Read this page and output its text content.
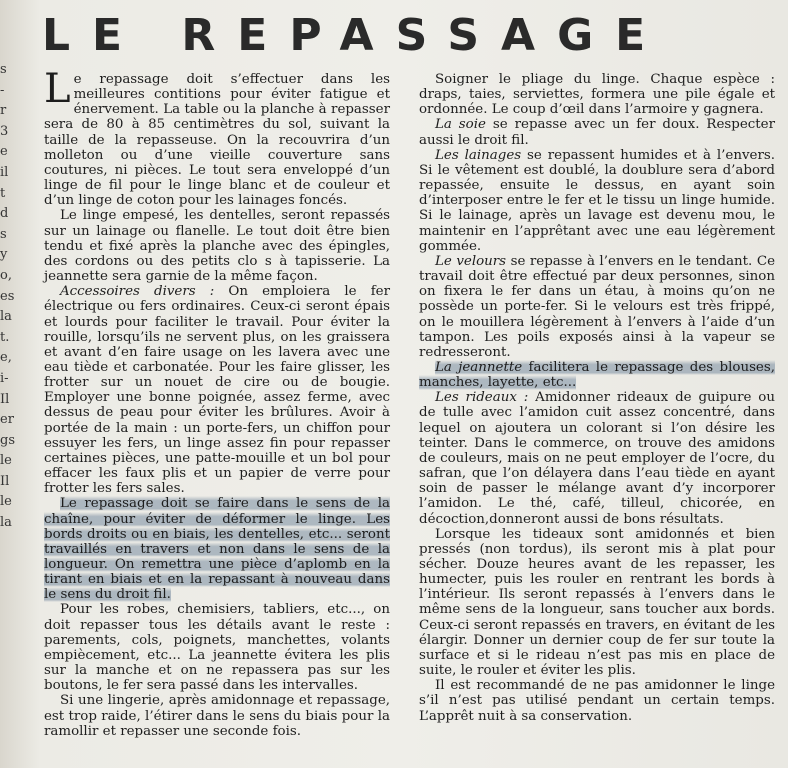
s
-
r
3
e
il
t
d
s
y
o,
es
la
t.
e,
i-
Il
er
gs
le
Il
le
la
LE REPASSAGE

Le repassage doit s’effectuer dans les meilleures contitions pour éviter fatigue et énervement. La table ou la planche à repasser sera de 80 à 85 centimètres du sol, suivant la taille de la repasseuse. On la recouvrira d’un molleton ou d’une vieille couverture sans coutures, ni pièces. Le tout sera enveloppé d’un linge de fil pour le linge blanc et de couleur et d’un linge de coton pour les lainages foncés.

Le linge empesé, les dentelles, seront repassés sur un lainage ou flanelle. Le tout doit être bien tendu et fixé après la planche avec des épingles, des cordons ou des petits clo s à tapisserie. La jeannette sera garnie de la même façon.

Accessoires divers : On emploiera le fer électrique ou fers ordinaires. Ceux-ci seront épais et lourds pour faciliter le travail. Pour éviter la rouille, lorsqu’ils ne servent plus, on les graissera et avant d’en faire usage on les lavera avec une eau tiède et carbonatée. Pour les faire glisser, les frotter sur un nouet de cire ou de bougie. Employer une bonne poignée, assez ferme, avec dessus de peau pour éviter les brûlures. Avoir à portée de la main : un porte-fers, un chiffon pour essuyer les fers, un linge assez fin pour repasser certaines pièces, une patte-mouille et un bol pour effacer les faux plis et un papier de verre pour frotter les fers sales.

Le repassage doit se faire dans le sens de la chaîne, pour éviter de déformer le linge. Les bords droits ou en biais, les dentelles, etc... seront travaillés en travers et non dans le sens de la longueur. On remettra une pièce d’aplomb en la tirant en biais et en la repassant à nouveau dans le sens du droit fil.

Pour les robes, chemisiers, tabliers, etc..., on doit repasser tous les détails avant le reste : parements, cols, poignets, manchettes, volants empiècement, etc... La jeannette évitera les plis sur la manche et on ne repassera pas sur les boutons, le fer sera passé dans les intervalles.

Si une lingerie, après amidonnage et repassage, est trop raide, l’étirer dans le sens du biais pour la ramollir et repasser une seconde fois.

Soigner le pliage du linge. Chaque espèce : draps, taies, serviettes, formera une pile égale et ordonnée. Le coup d’œil dans l’armoire y gagnera.

La soie se repasse avec un fer doux. Respecter aussi le droit fil.

Les lainages se repassent humides et à l’envers. Si le vêtement est doublé, la doublure sera d’abord repassée, ensuite le dessus, en ayant soin d’interposer entre le fer et le tissu un linge humide. Si le lainage, après un lavage est devenu mou, le maintenir en l’apprêtant avec une eau légèrement gommée.

Le velours se repasse à l’envers en le tendant. Ce travail doit être effectué par deux personnes, sinon on fixera le fer dans un étau, à moins qu’on ne possède un porte-fer. Si le velours est très frippé, on le mouillera légèrement à l’envers à l’aide d’un tampon. Les poils exposés ainsi à la vapeur se redresseront.

La jeannette facilitera le repassage des blouses, manches, layette, etc...

Les rideaux : Amidonner rideaux de guipure ou de tulle avec l’amidon cuit assez concentré, dans lequel on ajoutera un colorant si l’on désire les teinter. Dans le commerce, on trouve des amidons de couleurs, mais on ne peut employer de l’ocre, du safran, que l’on délayera dans l’eau tiède en ayant soin de passer le mélange avant d’y incorporer l’amidon. Le thé, café, tilleul, chicorée, en décoction,donneront aussi de bons résultats.

Lorsque les tideaux sont amidonnés et bien pressés (non tordus), ils seront mis à plat pour sécher. Douze heures avant de les repasser, les humecter, puis les rouler en rentrant les bords à l’intérieur. Ils seront repassés à l’envers dans le même sens de la longueur, sans toucher aux bords. Ceux-ci seront repassés en travers, en évitant de les élargir. Donner un dernier coup de fer sur toute la surface et si le rideau n’est pas mis en place de suite, le rouler et éviter les plis.

Il est recommandé de ne pas amidonner le linge s’il n’est pas utilisé pendant un certain temps. L’apprêt nuit à sa conservation.
